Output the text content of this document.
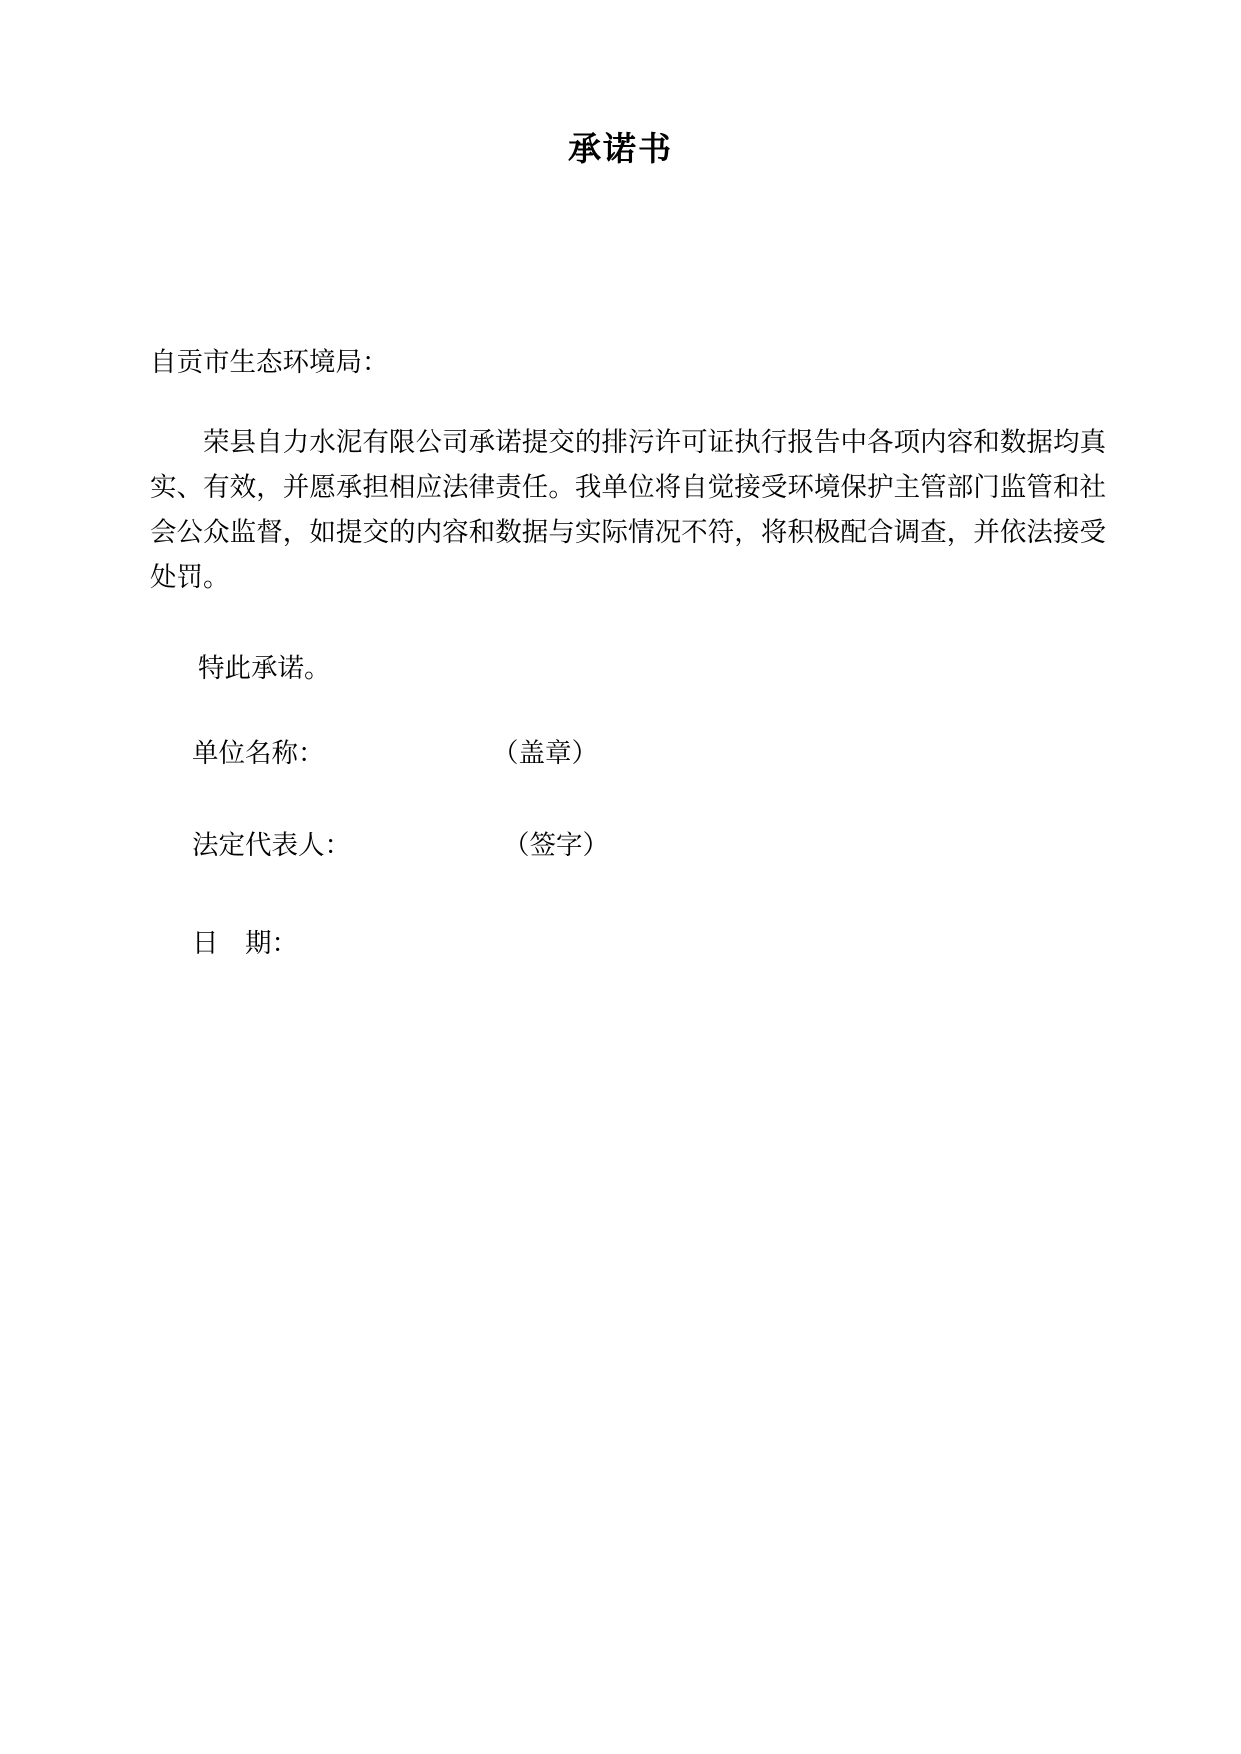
承诺书

自贡市生态环境局：

荣县自力水泥有限公司承诺提交的排污许可证执行报告中各项内容和数据均真实、有效，并愿承担相应法律责任。我单位将自觉接受环境保护主管部门监管和社会公众监督，如提交的内容和数据与实际情况不符，将积极配合调查，并依法接受处罚。

特此承诺。

单位名称：	（盖章）
法定代表人：	（签字）
日　期：
